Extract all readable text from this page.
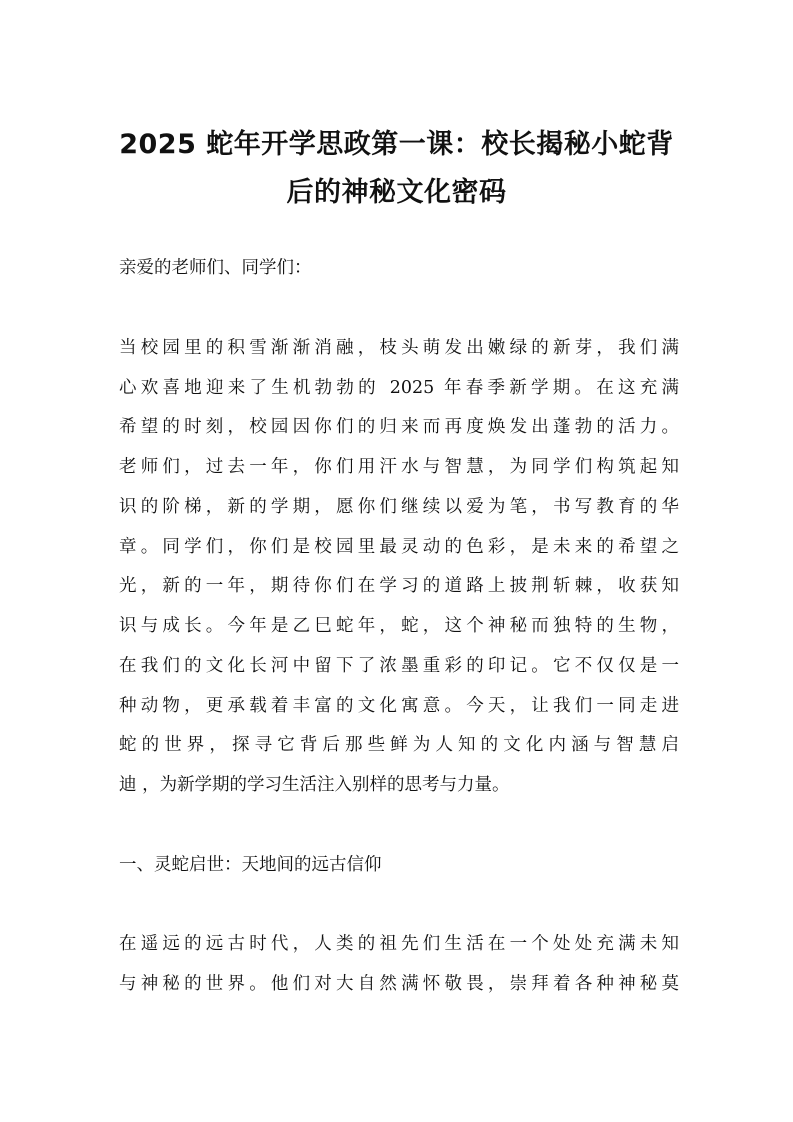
2025 蛇年开学思政第一课：校长揭秘小蛇背
后的神秘文化密码

亲爱的老师们、同学们：

当校园里的积雪渐渐消融，枝头萌发出嫩绿的新芽，我们满

心欢喜地迎来了生机勃勃的 2025 年春季新学期。在这充满

希望的时刻，校园因你们的归来而再度焕发出蓬勃的活力。

老师们，过去一年，你们用汗水与智慧，为同学们构筑起知

识的阶梯，新的学期，愿你们继续以爱为笔，书写教育的华

章。同学们，你们是校园里最灵动的色彩，是未来的希望之

光，新的一年，期待你们在学习的道路上披荆斩棘，收获知

识与成长。今年是乙巳蛇年，蛇，这个神秘而独特的生物，

在我们的文化长河中留下了浓墨重彩的印记。它不仅仅是一

种动物，更承载着丰富的文化寓意。今天，让我们一同走进

蛇的世界，探寻它背后那些鲜为人知的文化内涵与智慧启

迪 ，为新学期的学习生活注入别样的思考与力量。

一、灵蛇启世：天地间的远古信仰

在遥远的远古时代，人类的祖先们生活在一个处处充满未知

与神秘的世界。他们对大自然满怀敬畏，崇拜着各种神秘莫
